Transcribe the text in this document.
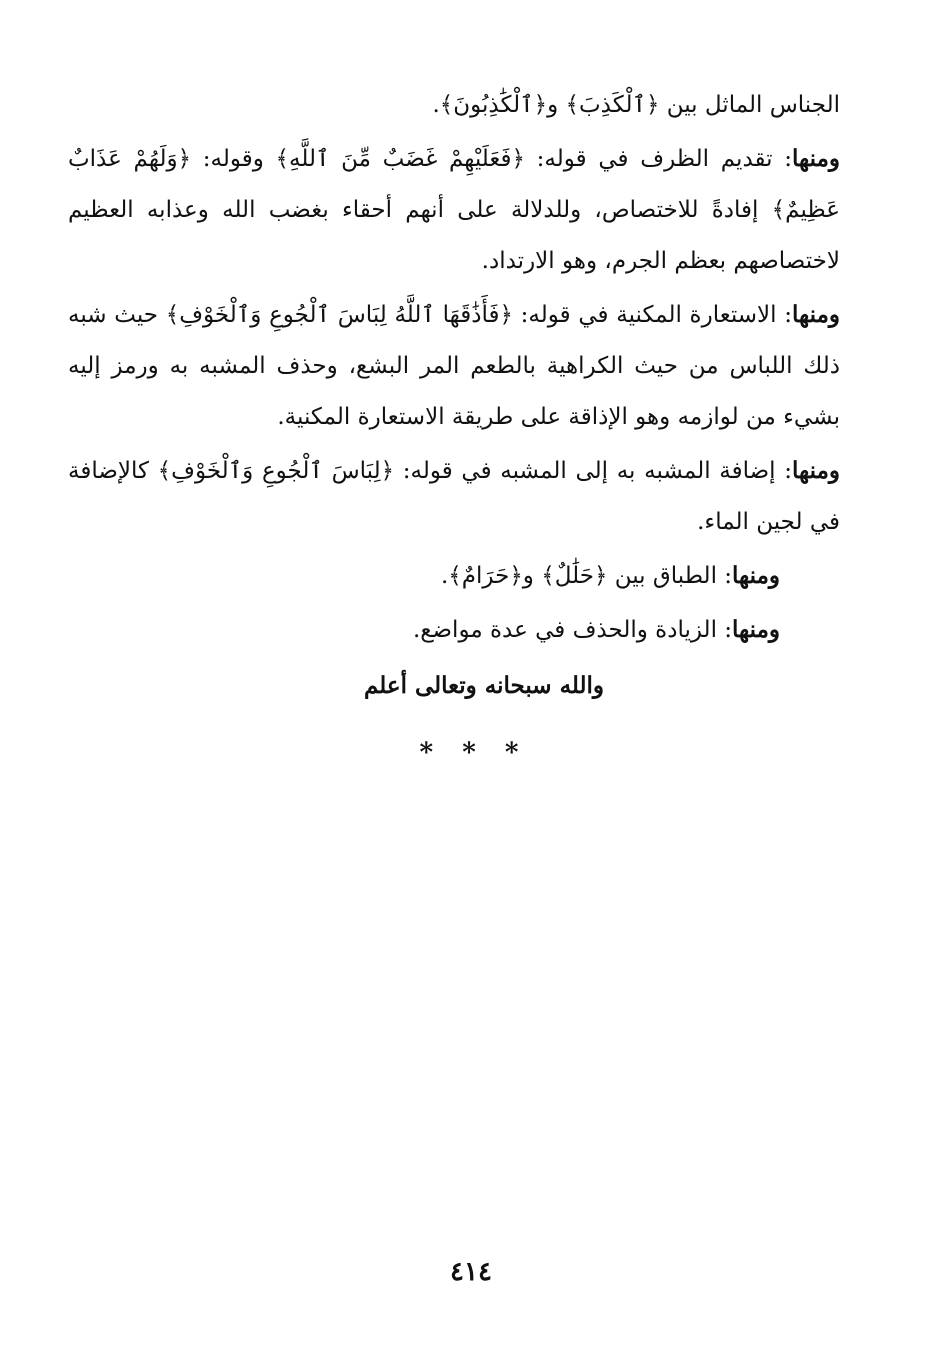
الجناس الماثل بين ﴿ٱلْكَذِبَ﴾ و﴿ٱلْكَٰذِبُونَ﴾.

ومنها: تقديم الظرف في قوله: ﴿فَعَلَيْهِمْ غَضَبٌ مِّنَ ٱللَّهِ﴾ وقوله: ﴿وَلَهُمْ عَذَابٌ عَظِيمٌ﴾ إفادةً للاختصاص، وللدلالة على أنهم أحقاء بغضب الله وعذابه العظيم لاختصاصهم بعظم الجرم، وهو الارتداد.

ومنها: الاستعارة المكنية في قوله: ﴿فَأَذَٰقَهَا ٱللَّهُ لِبَاسَ ٱلْجُوعِ وَٱلْخَوْفِ﴾ حيث شبه ذلك اللباس من حيث الكراهية بالطعم المر البشع، وحذف المشبه به ورمز إليه بشيء من لوازمه وهو الإذاقة على طريقة الاستعارة المكنية.

ومنها: إضافة المشبه به إلى المشبه في قوله: ﴿لِبَاسَ ٱلْجُوعِ وَٱلْخَوْفِ﴾ كالإضافة في لجين الماء.

ومنها: الطباق بين ﴿حَلَٰلٌ﴾ و﴿حَرَامٌ﴾.

ومنها: الزيادة والحذف في عدة مواضع.

والله سبحانه وتعالى أعلم

* * *
٤١٤
